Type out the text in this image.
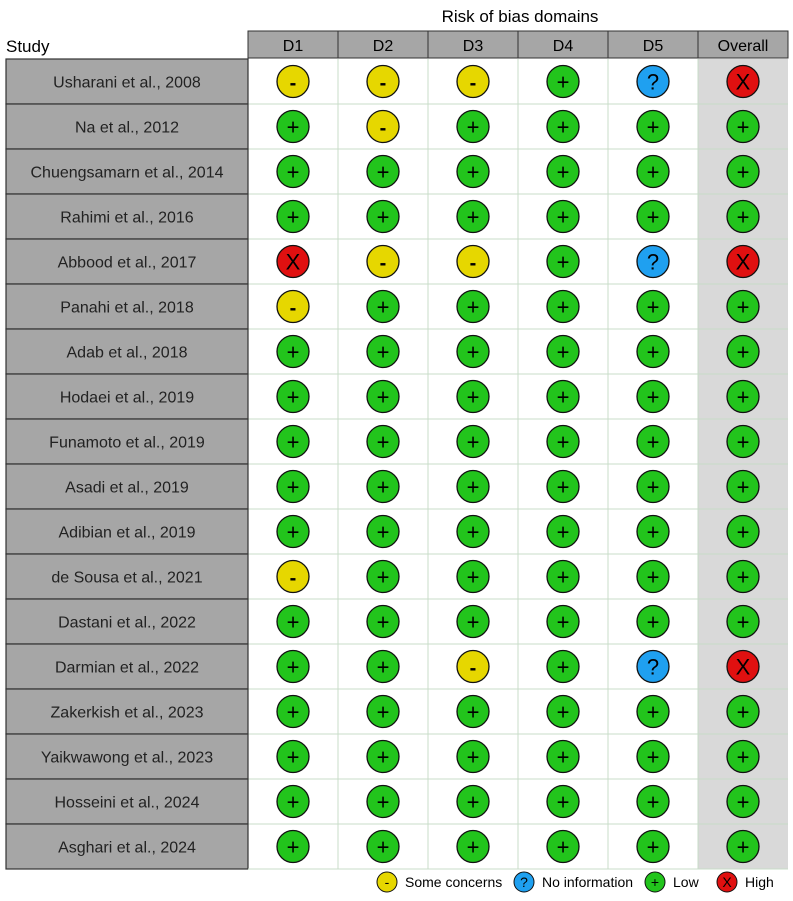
Risk of bias domains
Study	D1	D2	D3	D4	D5	Overall
Usharani et al., 2008	-	-	-	+	?	X
Na et al., 2012	+	-	+	+	+	+
Chuengsamarn et al., 2014	+	+	+	+	+	+
Rahimi et al., 2016	+	+	+	+	+	+
Abbood et al., 2017	X	-	-	+	?	X
Panahi et al., 2018	-	+	+	+	+	+
Adab et al., 2018	+	+	+	+	+	+
Hodaei et al., 2019	+	+	+	+	+	+
Funamoto et al., 2019	+	+	+	+	+	+
Asadi et al., 2019	+	+	+	+	+	+
Adibian et al., 2019	+	+	+	+	+	+
de Sousa et al., 2021	-	+	+	+	+	+
Dastani et al., 2022	+	+	+	+	+	+
Darmian et al., 2022	+	+	-	+	?	X
Zakerkish et al., 2023	+	+	+	+	+	+
Yaikwawong et al., 2023	+	+	+	+	+	+
Hosseini et al., 2024	+	+	+	+	+	+
Asghari et al., 2024	+	+	+	+	+	+
- Some concerns ? No information + Low X High
